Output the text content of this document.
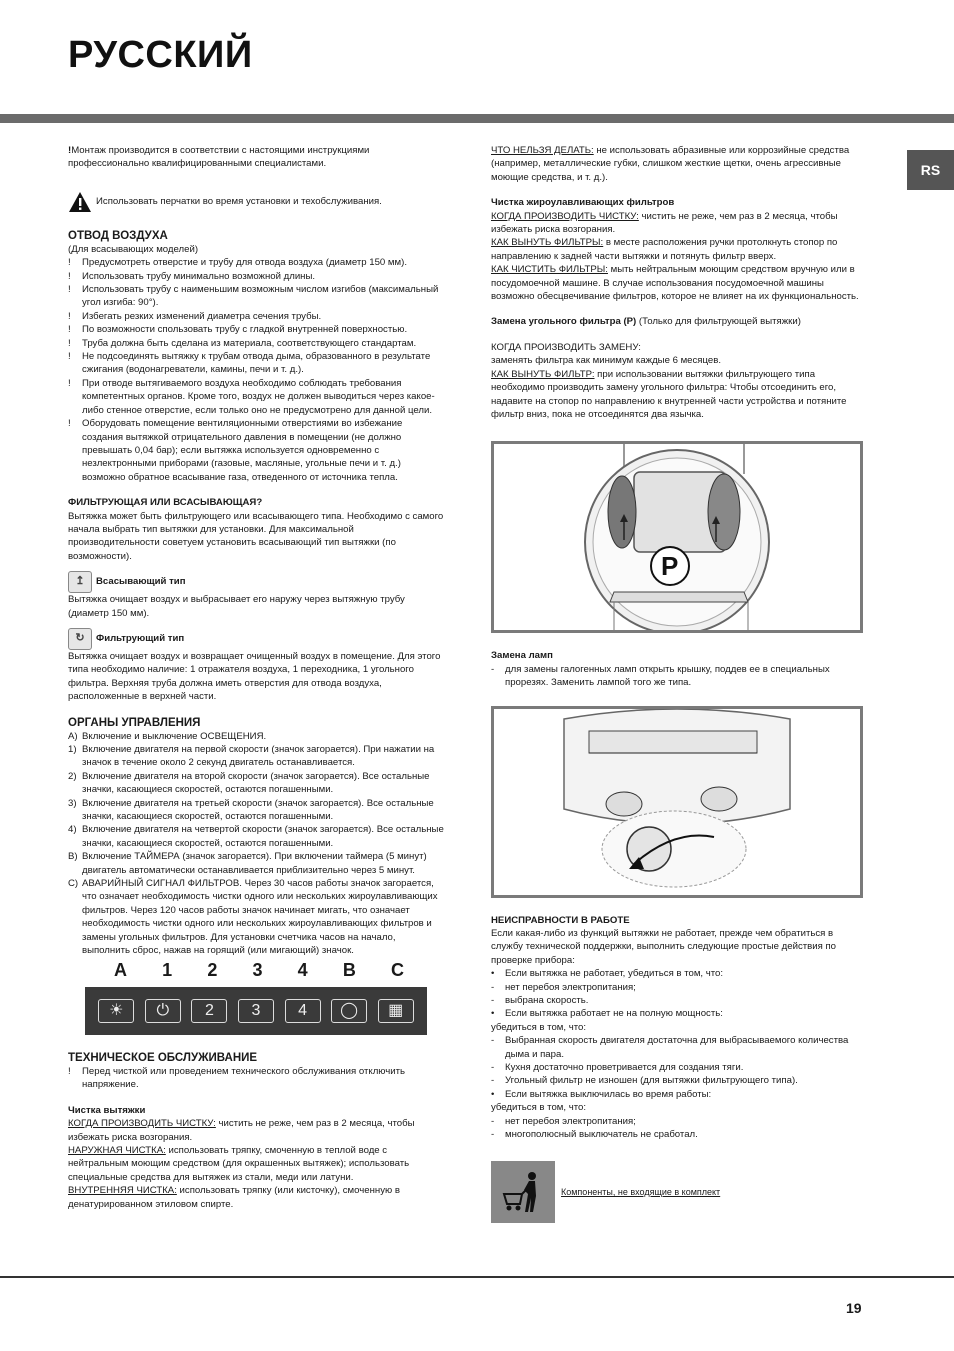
РУССКИЙ
RS

!Монтаж производится в соответствии с настоящими инструкциями профессионально квалифицированными специалистами.

Использовать перчатки во время установки и техобслуживания.

ОТВОД ВОЗДУХА

(Для всасывающих моделей)

! Предусмотреть отверстие и трубу для отвода воздуха (диаметр 150 мм).

! Использовать трубу минимально возможной длины.

! Использовать трубу с наименьшим возможным числом изгибов (максимальный угол изгиба: 90°).

! Избегать резких изменений диаметра сечения трубы.

! По возможности спользовать трубу с гладкой внутренней поверхностью.

! Труба должна быть сделана из материала, соответствующего стандартам.

! Не подсоединять вытяжку к трубам отвода дыма, образованного в результате сжигания (водонагреватели, камины, печи и т. д.).

! При отводе вытягиваемого воздуха необходимо соблюдать требования компетентных органов. Кроме того, воздух не должен выводиться через какое-либо стенное отверстие, если только оно не предусмотрено для данной цели.

! Оборудовать помещение вентиляционными отверстиями во избежание создания вытяжкой отрицательного давления в помещении (не должно превышать 0,04 бар); если вытяжка используется одновременно с незлектронными приборами (газовые, масляные, угольные печи и т. д.) возможно обратное всасывание газа, отведенного от источника тепла.

ФИЛЬТРУЮЩАЯ ИЛИ ВСАСЫВАЮЩАЯ?

Вытяжка может быть фильтрующего или всасывающего типа. Необходимо с самого начала выбрать тип вытяжки для установки. Для максимальной производительности советуем установить всасывающий тип вытяжки (по возможности).

↥	Всасывающий тип

Вытяжка очищает воздух и выбрасывает его наружу через вытяжную трубу (диаметр 150 мм).

↻	Фильтрующий тип

Вытяжка очищает воздух и возвращает очищенный воздух в помещение. Для этого типа необходимо наличие: 1 отражателя воздуха, 1 переходника, 1 угольного фильтра. Верхняя труба должна иметь отверстия для отвода воздуха, расположенные в верхней части.

ОРГАНЫ УПРАВЛЕНИЯ

A) Включение и выключение ОСВЕЩЕНИЯ.

1) Включение двигателя на первой скорости (значок загорается). При нажатии на значок в течение около 2 секунд двигатель останавливается.

2) Включение двигателя на второй скорости (значок загорается). Все остальные значки, касающиеся скоростей, остаются погашенными.

3) Включение двигателя на третьей скорости (значок загорается). Все остальные значки, касающиеся скоростей, остаются погашенными.

4) Включение двигателя на четвертой скорости (значок загорается). Все остальные значки, касающиеся скоростей, остаются погашенными.

B) Включение ТАЙМЕРА (значок загорается). При включении таймера (5 минут) двигатель автоматически останавливается приблизительно через 5 минут.

C) АВАРИЙНЫЙ СИГНАЛ ФИЛЬТРОВ. Через 30 часов работы значок загорается, что означает необходимость чистки одного или нескольких жироулавливающих фильтров. Через 120 часов работы значок начинает мигать, что означает необходимость чистки одного или нескольких жироулавливающих фильтров и замены угольных фильтров. Для установки счетчика часов на начало, выполнить сброс, нажав на горящий (или мигающий) значок.

A 1 2 3 4 B C
☀	⏻	2	3	4	◯	▦

ТЕХНИЧЕСКОЕ ОБСЛУЖИВАНИЕ

! Перед чисткой или проведением технического обслуживания отключить напряжение.

Чистка вытяжки

КОГДА ПРОИЗВОДИТЬ ЧИСТКУ: чистить не реже, чем раз в 2 месяца, чтобы избежать риска возгорания.

НАРУЖНАЯ ЧИСТКА: использовать тряпку, смоченную в теплой воде с нейтральным моющим средством (для окрашенных вытяжек); использовать специальные средства для вытяжек из стали, меди или латуни.

ВНУТРЕННЯЯ ЧИСТКА: использовать тряпку (или кисточку), смоченную в денатурированном этиловом спирте.

ЧТО НЕЛЬЗЯ ДЕЛАТЬ: не использовать абразивные или коррозийные средства (например, металлические губки, слишком жесткие щетки, очень агрессивные моющие средства, и т. д.).

Чистка жироулавливающих фильтров

КОГДА ПРОИЗВОДИТЬ ЧИСТКУ: чистить не реже, чем раз в 2 месяца, чтобы избежать риска возгорания.

КАК ВЫНУТЬ ФИЛЬТРЫ: в месте расположения ручки протолкнуть стопор по направлению к задней части вытяжки и потянуть фильтр вверх.

КАК ЧИСТИТЬ ФИЛЬТРЫ: мыть нейтральным моющим средством вручную или в посудомоечной машине. В случае использования посудомоечной машины возможно обесцвечивание фильтров, которое не влияет на их функциональность.

Замена угольного фильтра (P) (Только для фильтрующей вытяжки)

КОГДА ПРОИЗВОДИТЬ ЗАМЕНУ:

заменять фильтра как минимум каждые 6 месяцев.

КАК ВЫНУТЬ ФИЛЬТР: при использовании вытяжки фильтрующего типа необходимо производить замену угольного фильтра: Чтобы отсоединить его, надавите на стопор по направлению к внутренней части устройства и потяните фильтр вниз, пока не отсоединятся два язычка.

P

Замена ламп

- для замены галогенных ламп открыть крышку, поддев ее в специальных прорезях. Заменить лампой того же типа.

НЕИСПРАВНОСТИ В РАБОТЕ

Если какая-либо из функций вытяжки не работает, прежде чем обратиться в службу технической поддержки, выполнить следующие простые действия по проверке прибора:

• Если вытяжка не работает, убедиться в том, что:

- нет перебоя электропитания;

- выбрана скорость.

• Если вытяжка работает не на полную мощность:

убедиться в том, что:

- Выбранная скорость двигателя достаточна для выбрасываемого количества дыма и пара.

- Кухня достаточно проветривается для создания тяги.

- Угольный фильтр не изношен (для вытяжки фильтрующего типа).

• Если вытяжка выключилась во время работы:

убедиться в том, что:

- нет перебоя электропитания;

- многополюсный выключатель не сработал.

Компоненты, не входящие в комплект
19
